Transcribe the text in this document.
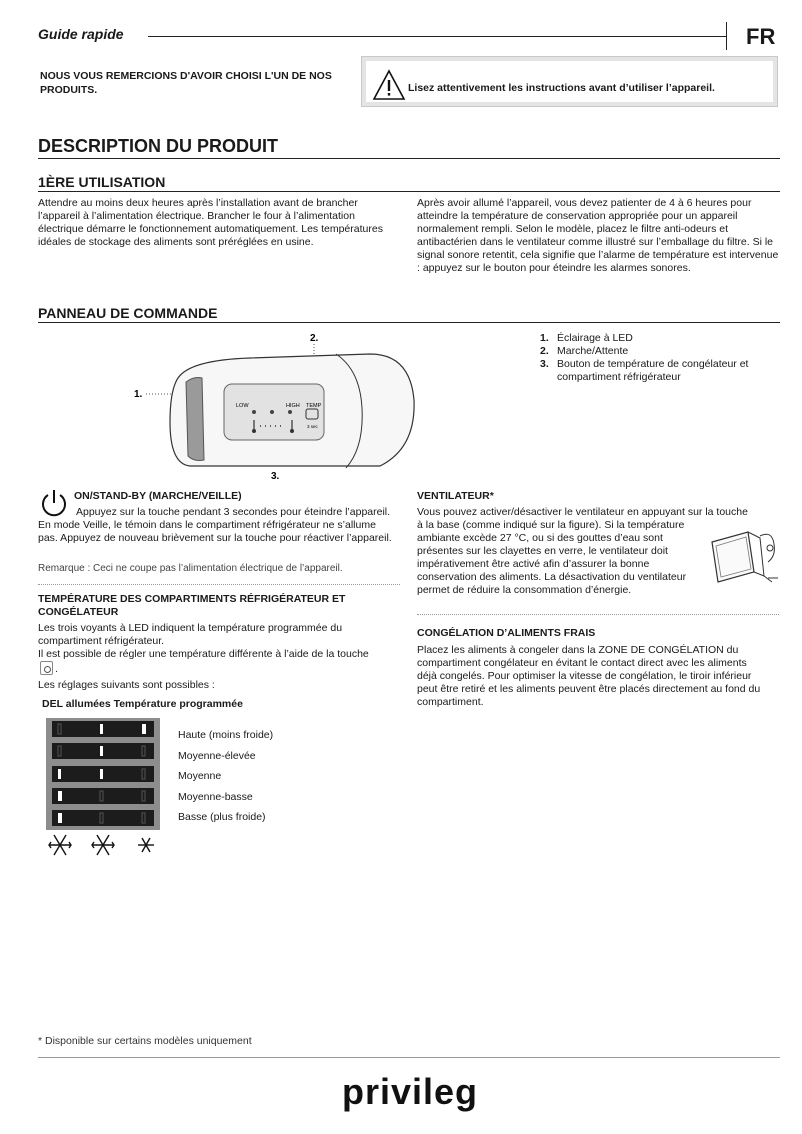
Guide rapide	FR
NOUS VOUS REMERCIONS D'AVOIR CHOISI L'UN DE NOS PRODUITS.	Lisez attentivement les instructions avant d’utiliser l’appareil.
DESCRIPTION DU PRODUIT
1ÈRE UTILISATION

Attendre au moins deux heures après l’installation avant de brancher l’appareil à l’alimentation électrique. Brancher le four à l’alimentation électrique démarre le fonctionnement automatiquement. Les températures idéales de stockage des aliments sont préréglées en usine.

Après avoir allumé l’appareil, vous devez patienter de 4 à 6 heures pour atteindre la température de conservation appropriée pour un appareil normalement rempli. Selon le modèle, placez le filtre anti-odeurs et antibactérien dans le ventilateur comme illustré sur l’emballage du filtre. Si le signal sonore retentit, cela signifie que l’alarme de température est intervenue : appuyez sur le bouton pour éteindre les alarmes sonores.

PANNEAU DE COMMANDE
2.
1.
3.
LOW	HIGH TEMP
3 sec
1. Éclairage à LED
2. Marche/Attente
3. Bouton de température de congélateur et compartiment réfrigérateur
ON/STAND-BY (MARCHE/VEILLE)

Appuyez sur la touche pendant 3 secondes pour éteindre l’appareil. En mode Veille, le témoin dans le compartiment réfrigérateur ne s’allume pas. Appuyez de nouveau brièvement sur la touche pour réactiver l’appareil.

Remarque : Ceci ne coupe pas l’alimentation électrique de l’appareil.
TEMPÉRATURE DES COMPARTIMENTS RÉFRIGÉRATEUR ET CONGÉLATEUR
Les trois voyants à LED indiquent la température programmée du compartiment réfrigérateur.
Il est possible de régler une température différente à l’aide de la touche .
Les réglages suivants sont possibles :
DEL allumées Température programmée
Haute (moins froide)
Moyenne-élevée
Moyenne
Moyenne-basse
Basse (plus froide)
VENTILATEUR*

Vous pouvez activer/désactiver le ventilateur en appuyant sur la touche

à la base (comme indiqué sur la figure). Si la température ambiante excède 27 °C, ou si des gouttes d’eau sont présentes sur les clayettes en verre, le ventilateur doit impérativement être activé afin d’assurer la bonne conservation des aliments. La désactivation du ventilateur permet de réduire la consommation d’énergie.

CONGÉLATION D’ALIMENTS FRAIS

Placez les aliments à congeler dans la ZONE DE CONGÉLATION du compartiment congélateur en évitant le contact direct avec les aliments déjà congelés. Pour optimiser la vitesse de congélation, le tiroir inférieur peut être retiré et les aliments peuvent être placés directement au fond du compartiment.

* Disponible sur certains modèles uniquement
privileg
